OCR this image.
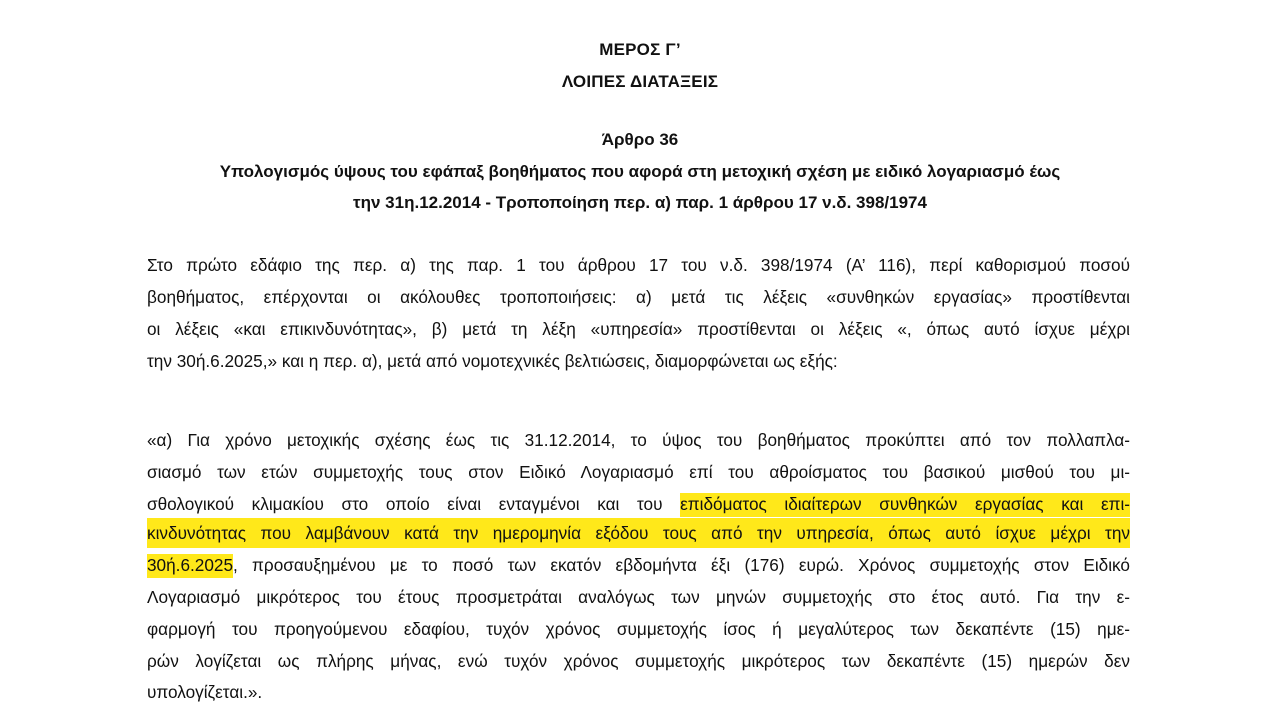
ΜΕΡΟΣ Γ’
ΛΟΙΠΕΣ ΔΙΑΤΑΞΕΙΣ
Άρθρο 36
Υπολογισμός ύψους του εφάπαξ βοηθήματος που αφορά στη μετοχική σχέση με ειδικό λογαριασμό έως
την 31η.12.2014 - Τροποποίηση περ. α) παρ. 1 άρθρου 17 ν.δ. 398/1974
Στο πρώτο εδάφιο της περ. α) της παρ. 1 του άρθρου 17 του ν.δ. 398/1974 (Α’ 116), περί καθορισμού ποσού
βοηθήματος, επέρχονται οι ακόλουθες τροποποιήσεις: α) μετά τις λέξεις «συνθηκών εργασίας» προστίθενται
οι λέξεις «και επικινδυνότητας», β) μετά τη λέξη «υπηρεσία» προστίθενται οι λέξεις «, όπως αυτό ίσχυε μέχρι
την 30ή.6.2025,» και η περ. α), μετά από νομοτεχνικές βελτιώσεις, διαμορφώνεται ως εξής:
«α) Για χρόνο μετοχικής σχέσης έως τις 31.12.2014, το ύψος του βοηθήματος προκύπτει από τον πολλαπλα-
σιασμό των ετών συμμετοχής τους στον Ειδικό Λογαριασμό επί του αθροίσματος του βασικού μισθού του μι-
σθολογικού κλιμακίου στο οποίο είναι ενταγμένοι και του επιδόματος ιδιαίτερων συνθηκών εργασίας και επι-
κινδυνότητας που λαμβάνουν κατά την ημερομηνία εξόδου τους από την υπηρεσία, όπως αυτό ίσχυε μέχρι την
30ή.6.2025, προσαυξημένου με το ποσό των εκατόν εβδομήντα έξι (176) ευρώ. Χρόνος συμμετοχής στον Ειδικό
Λογαριασμό μικρότερος του έτους προσμετράται αναλόγως των μηνών συμμετοχής στο έτος αυτό. Για την ε-
φαρμογή του προηγούμενου εδαφίου, τυχόν χρόνος συμμετοχής ίσος ή μεγαλύτερος των δεκαπέντε (15) ημε-
ρών λογίζεται ως πλήρης μήνας, ενώ τυχόν χρόνος συμμετοχής μικρότερος των δεκαπέντε (15) ημερών δεν
υπολογίζεται.».
